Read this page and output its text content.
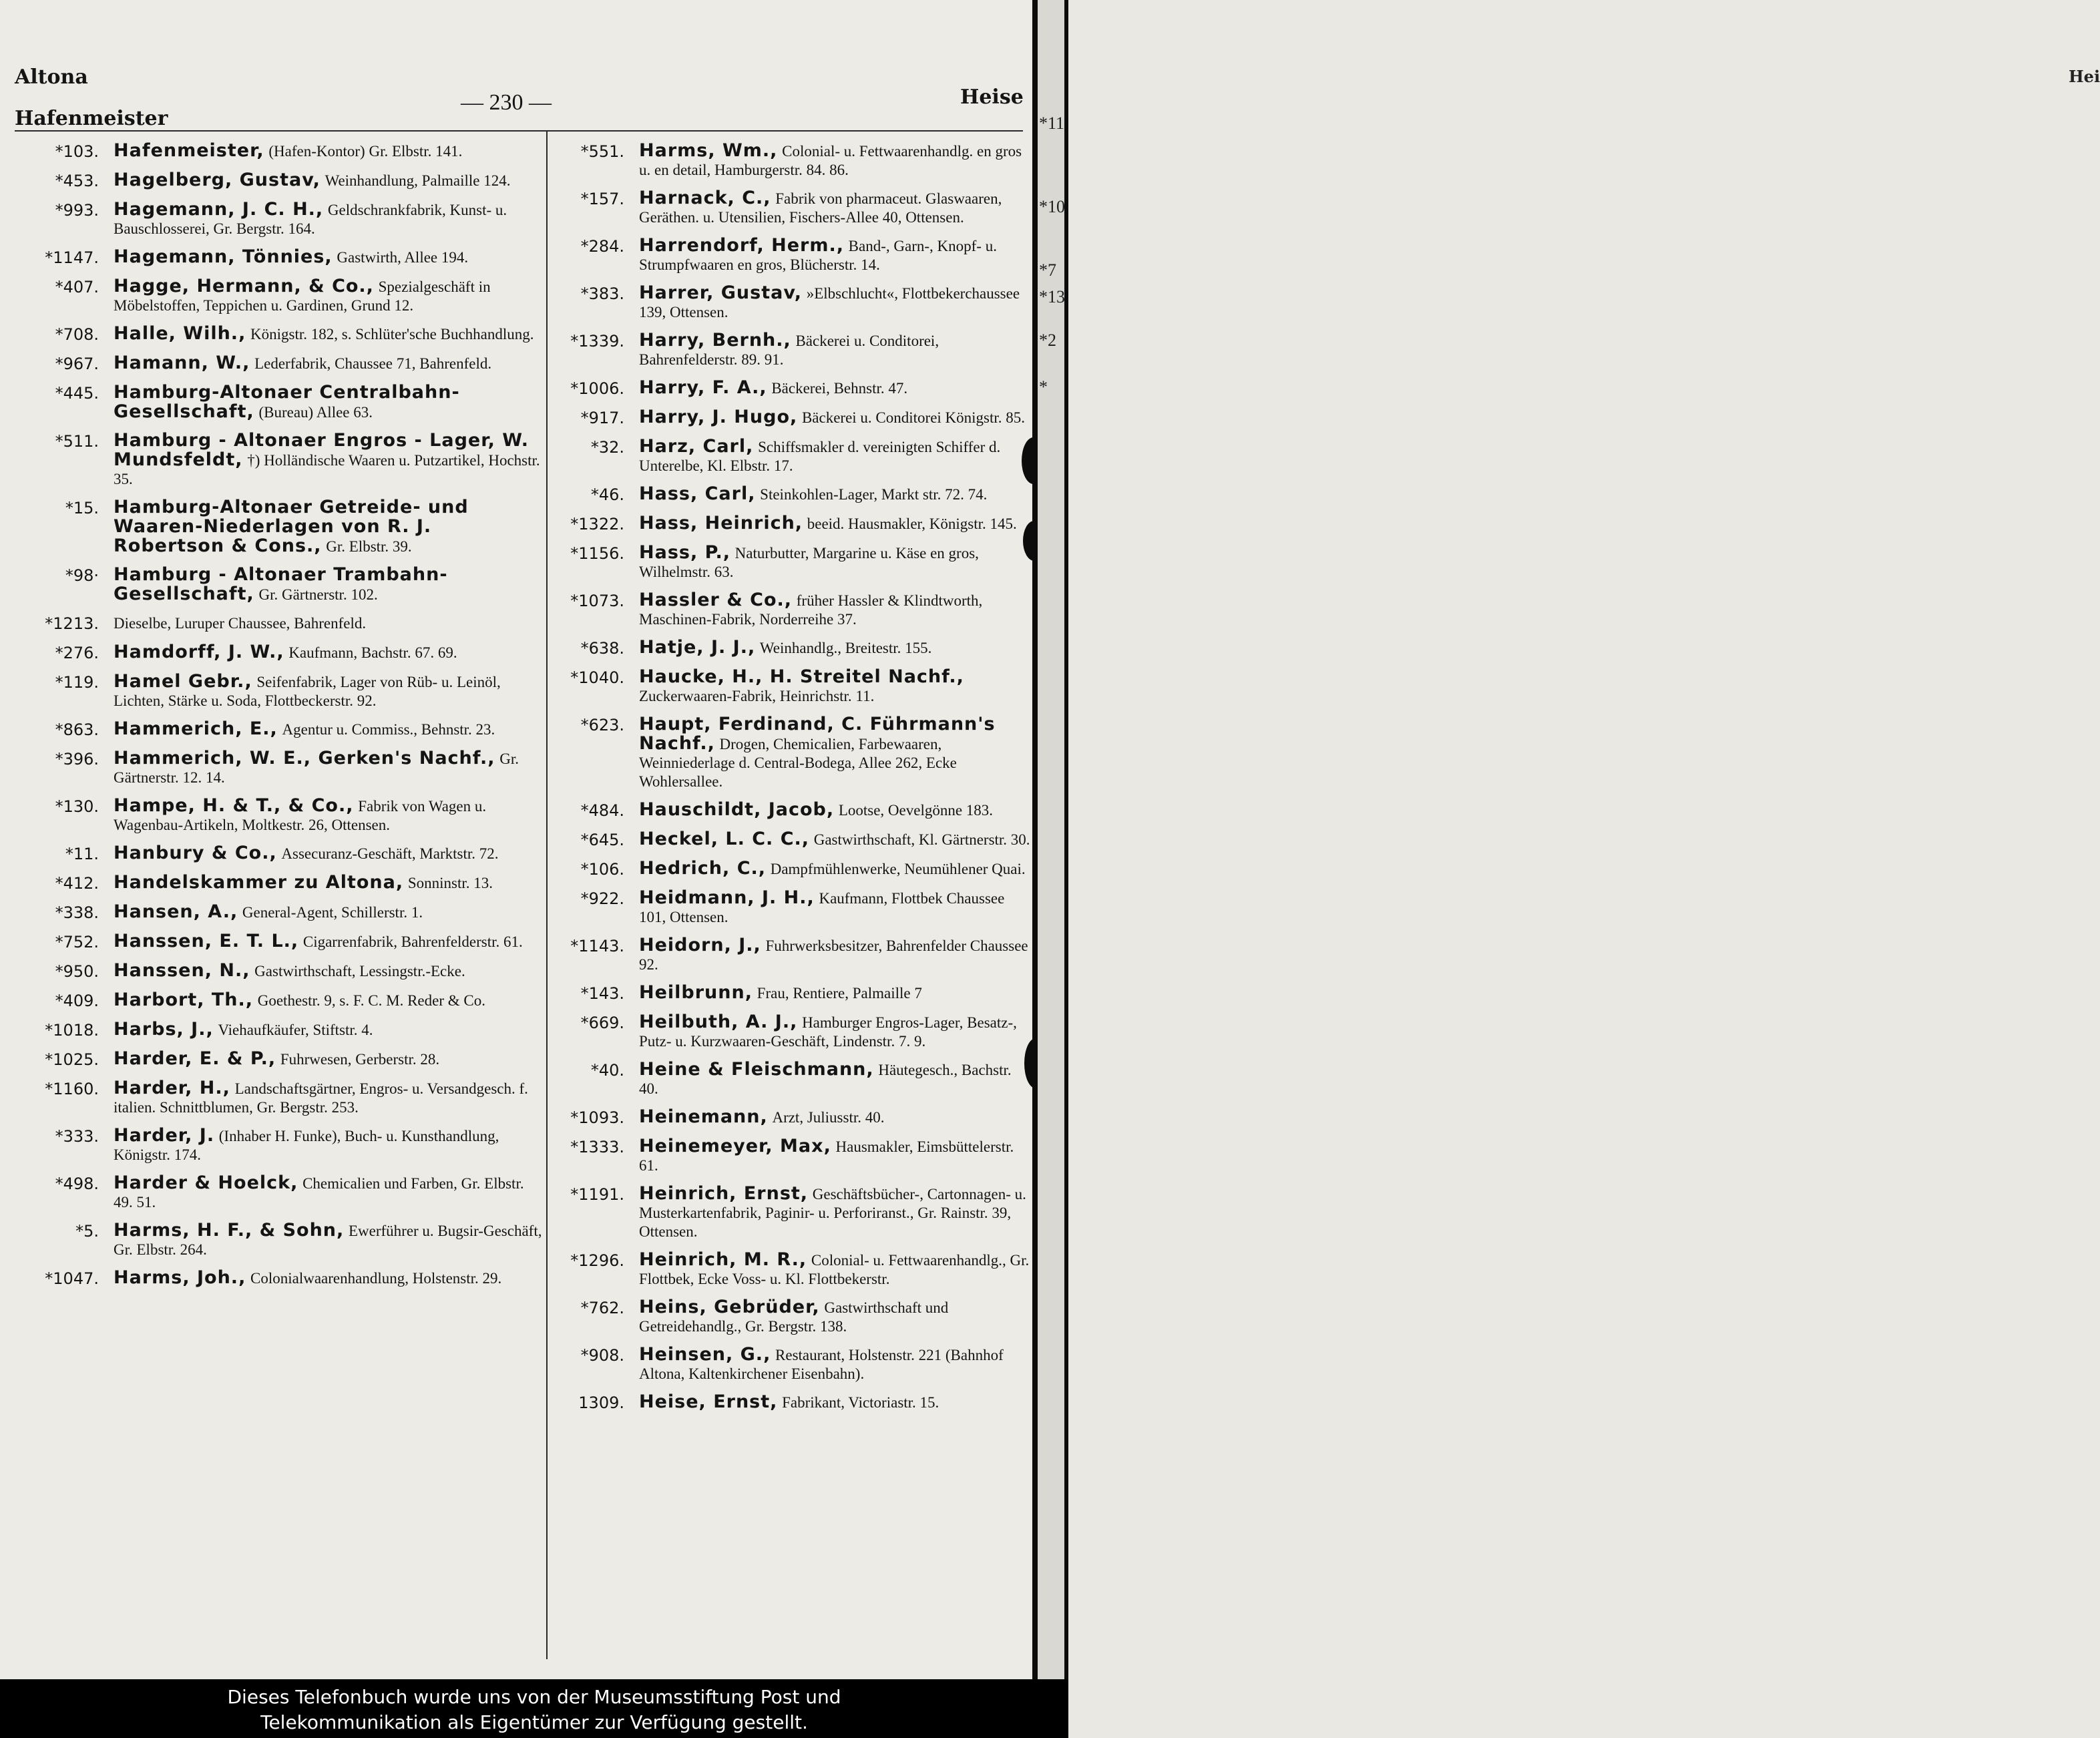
Altona
Hafenmeister
— 230 —	Heise
*103. Hafenmeister, (Hafen-Kontor) Gr. Elbstr. 141.
*453. Hagelberg, Gustav, Weinhandlung, Palmaille 124.
*993. Hagemann, J. C. H., Geldschrankfabrik, Kunst- u. Bauschlosserei, Gr. Bergstr. 164.
*1147. Hagemann, Tönnies, Gastwirth, Allee 194.
*407. Hagge, Hermann, & Co., Spezialgeschäft in Möbelstoffen, Teppichen u. Gardinen, Grund 12.
*708. Halle, Wilh., Königstr. 182, s. Schlüter'sche Buchhandlung.
*967. Hamann, W., Lederfabrik, Chaussee 71, Bahrenfeld.
*445. Hamburg-Altonaer Centralbahn-Gesellschaft, (Bureau) Allee 63.
*511. Hamburg - Altonaer Engros - Lager, W. Mundsfeldt, †) Holländische Waaren u. Putzartikel, Hochstr. 35.
*15. Hamburg-Altonaer Getreide- und Waaren-Niederlagen von R. J. Robertson & Cons., Gr. Elbstr. 39.
*98· Hamburg - Altonaer Trambahn-Gesellschaft, Gr. Gärtnerstr. 102.
*1213. Dieselbe, Luruper Chaussee, Bahrenfeld.
*276. Hamdorff, J. W., Kaufmann, Bachstr. 67. 69.
*119. Hamel Gebr., Seifenfabrik, Lager von Rüb- u. Leinöl, Lichten, Stärke u. Soda, Flottbeckerstr. 92.
*863. Hammerich, E., Agentur u. Commiss., Behnstr. 23.
*396. Hammerich, W. E., Gerken's Nachf., Gr. Gärtnerstr. 12. 14.
*130. Hampe, H. & T., & Co., Fabrik von Wagen u. Wagenbau-Artikeln, Moltkestr. 26, Ottensen.
*11. Hanbury & Co., Assecuranz-Geschäft, Marktstr. 72.
*412. Handelskammer zu Altona, Sonninstr. 13.
*338. Hansen, A., General-Agent, Schillerstr. 1.
*752. Hanssen, E. T. L., Cigarrenfabrik, Bahrenfelderstr. 61.
*950. Hanssen, N., Gastwirthschaft, Lessingstr.-Ecke.
*409. Harbort, Th., Goethestr. 9, s. F. C. M. Reder & Co.
*1018. Harbs, J., Viehaufkäufer, Stiftstr. 4.
*1025. Harder, E. & P., Fuhrwesen, Gerberstr. 28.
*1160. Harder, H., Landschaftsgärtner, Engros- u. Versandgesch. f. italien. Schnittblumen, Gr. Bergstr. 253.
*333. Harder, J. (Inhaber H. Funke), Buch- u. Kunsthandlung, Königstr. 174.
*498. Harder & Hoelck, Chemicalien und Farben, Gr. Elbstr. 49. 51.
*5. Harms, H. F., & Sohn, Ewerführer u. Bugsir-Geschäft, Gr. Elbstr. 264.
*1047. Harms, Joh., Colonialwaarenhandlung, Holstenstr. 29.
*551. Harms, Wm., Colonial- u. Fettwaarenhandlg. en gros u. en detail, Hamburgerstr. 84. 86.
*157. Harnack, C., Fabrik von pharmaceut. Glaswaaren, Geräthen. u. Utensilien, Fischers-Allee 40, Ottensen.
*284. Harrendorf, Herm., Band-, Garn-, Knopf- u. Strumpfwaaren en gros, Blücherstr. 14.
*383. Harrer, Gustav, »Elbschlucht«, Flottbekerchaussee 139, Ottensen.
*1339. Harry, Bernh., Bäckerei u. Conditorei, Bahrenfelderstr. 89. 91.
*1006. Harry, F. A., Bäckerei, Behnstr. 47.
*917. Harry, J. Hugo, Bäckerei u. Conditorei Königstr. 85.
*32. Harz, Carl, Schiffsmakler d. vereinigten Schiffer d. Unterelbe, Kl. Elbstr. 17.
*46. Hass, Carl, Steinkohlen-Lager, Markt str. 72. 74.
*1322. Hass, Heinrich, beeid. Hausmakler, Königstr. 145.
*1156. Hass, P., Naturbutter, Margarine u. Käse en gros, Wilhelmstr. 63.
*1073. Hassler & Co., früher Hassler & Klindtworth, Maschinen-Fabrik, Norderreihe 37.
*638. Hatje, J. J., Weinhandlg., Breitestr. 155.
*1040. Haucke, H., H. Streitel Nachf., Zuckerwaaren-Fabrik, Heinrichstr. 11.
*623. Haupt, Ferdinand, C. Führmann's Nachf., Drogen, Chemicalien, Farbewaaren, Weinniederlage d. Central-Bodega, Allee 262, Ecke Wohlersallee.
*484. Hauschildt, Jacob, Lootse, Oevelgönne 183.
*645. Heckel, L. C. C., Gastwirthschaft, Kl. Gärtnerstr. 30.
*106. Hedrich, C., Dampfmühlenwerke, Neumühlener Quai.
*922. Heidmann, J. H., Kaufmann, Flottbek Chaussee 101, Ottensen.
*1143. Heidorn, J., Fuhrwerksbesitzer, Bahrenfelder Chaussee 92.
*143. Heilbrunn, Frau, Rentiere, Palmaille 7
*669. Heilbuth, A. J., Hamburger Engros-Lager, Besatz-, Putz- u. Kurzwaaren-Geschäft, Lindenstr. 7. 9.
*40. Heine & Fleischmann, Häutegesch., Bachstr. 40.
*1093. Heinemann, Arzt, Juliusstr. 40.
*1333. Heinemeyer, Max, Hausmakler, Eimsbüttelerstr. 61.
*1191. Heinrich, Ernst, Geschäftsbücher-, Cartonnagen- u. Musterkartenfabrik, Paginir- u. Perforiranst., Gr. Rainstr. 39, Ottensen.
*1296. Heinrich, M. R., Colonial- u. Fettwaarenhandlg., Gr. Flottbek, Ecke Voss- u. Kl. Flottbekerstr.
*762. Heins, Gebrüder, Gastwirthschaft und Getreidehandlg., Gr. Bergstr. 138.
*908. Heinsen, G., Restaurant, Holstenstr. 221 (Bahnhof Altona, Kaltenkirchener Eisenbahn).
1309. Heise, Ernst, Fabrikant, Victoriastr. 15.
Hei
*11
*10
*7
*13
*2
*
Dieses Telefonbuch wurde uns von der Museumsstiftung Post und
Telekommunikation als Eigentümer zur Verfügung gestellt.
